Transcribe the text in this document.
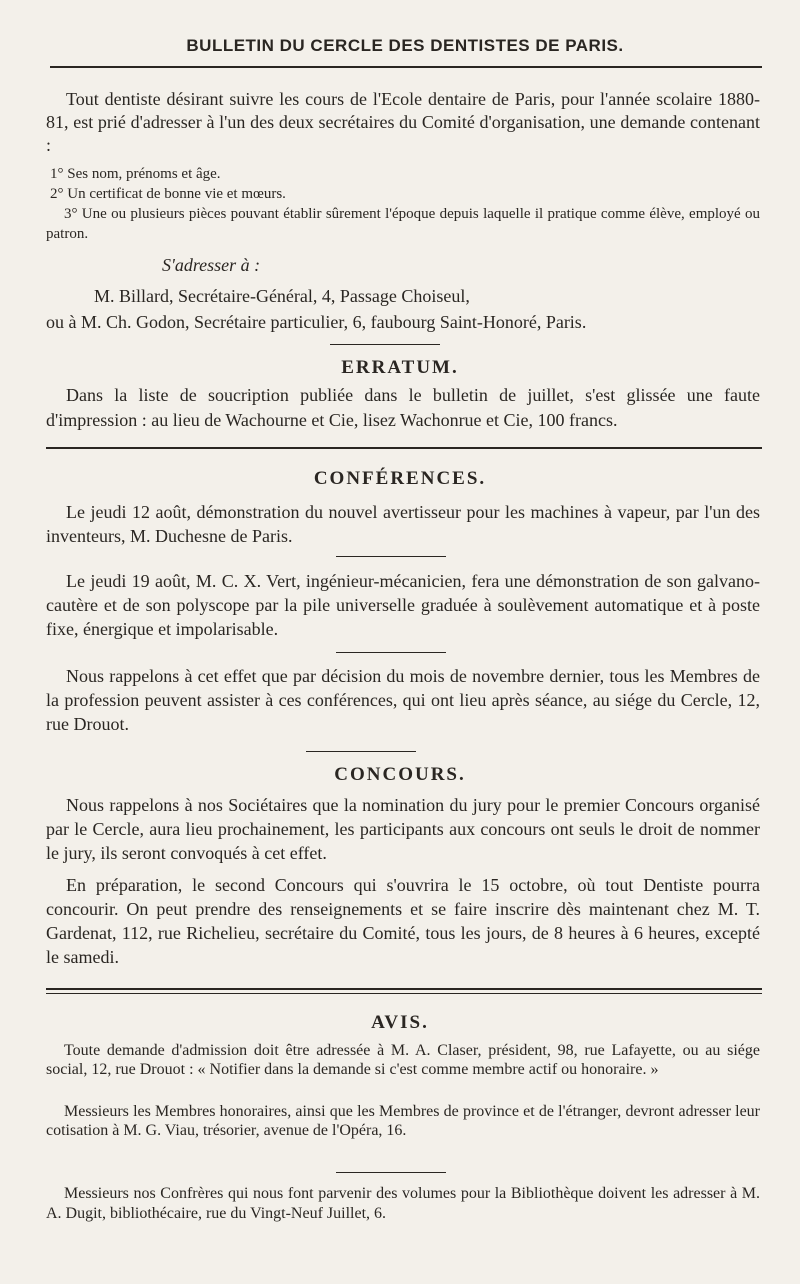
BULLETIN DU CERCLE DES DENTISTES DE PARIS.
Tout dentiste désirant suivre les cours de l'Ecole dentaire de Paris, pour l'année scolaire 1880-81, est prié d'adresser à l'un des deux secrétaires du Comité d'organisation, une demande contenant :
1° Ses nom, prénoms et âge.
2° Un certificat de bonne vie et mœurs.
3° Une ou plusieurs pièces pouvant établir sûrement l'époque depuis laquelle il pratique comme élève, employé ou patron.
S'adresser à :
M. Billard, Secrétaire-Général, 4, Passage Choiseul,
ou à M. Ch. Godon, Secrétaire particulier, 6, faubourg Saint-Honoré, Paris.
ERRATUM.
Dans la liste de soucription publiée dans le bulletin de juillet, s'est glissée une faute d'impression : au lieu de Wachourne et Cie, lisez Wachonrue et Cie, 100 francs.
CONFÉRENCES.
Le jeudi 12 août, démonstration du nouvel avertisseur pour les machines à vapeur, par l'un des inventeurs, M. Duchesne de Paris.
Le jeudi 19 août, M. C. X. Vert, ingénieur-mécanicien, fera une démonstration de son galvano-cautère et de son polyscope par la pile universelle graduée à soulèvement automatique et à poste fixe, énergique et impolarisable.
Nous rappelons à cet effet que par décision du mois de novembre dernier, tous les Membres de la profession peuvent assister à ces conférences, qui ont lieu après séance, au siége du Cercle, 12, rue Drouot.
CONCOURS.
Nous rappelons à nos Sociétaires que la nomination du jury pour le premier Concours organisé par le Cercle, aura lieu prochainement, les participants aux concours ont seuls le droit de nommer le jury, ils seront convoqués à cet effet.
En préparation, le second Concours qui s'ouvrira le 15 octobre, où tout Dentiste pourra concourir. On peut prendre des renseignements et se faire inscrire dès maintenant chez M. T. Gardenat, 112, rue Richelieu, secrétaire du Comité, tous les jours, de 8 heures à 6 heures, excepté le samedi.
AVIS.
Toute demande d'admission doit être adressée à M. A. Claser, président, 98, rue Lafayette, ou au siége social, 12, rue Drouot : « Notifier dans la demande si c'est comme membre actif ou honoraire. »
Messieurs les Membres honoraires, ainsi que les Membres de province et de l'étranger, devront adresser leur cotisation à M. G. Viau, trésorier, avenue de l'Opéra, 16.
Messieurs nos Confrères qui nous font parvenir des volumes pour la Bibliothèque doivent les adresser à M. A. Dugit, bibliothécaire, rue du Vingt-Neuf Juillet, 6.
